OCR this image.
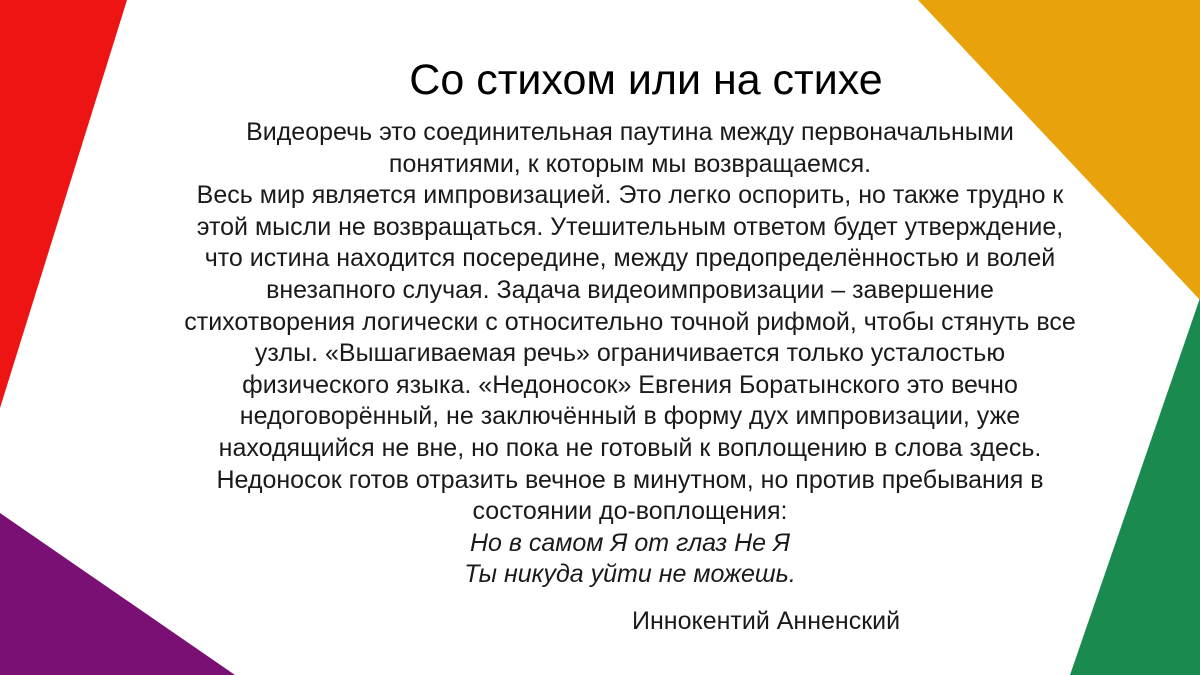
Со стихом или на стихе
Видеоречь это соединительная паутина между первоначальными
понятиями, к которым мы возвращаемся.
Весь мир является импровизацией. Это легко оспорить, но также трудно к
этой мысли не возвращаться. Утешительным ответом будет утверждение,
что истина находится посередине, между предопределённостью и волей
внезапного случая. Задача видеоимпровизации – завершение
стихотворения логически с относительно точной рифмой, чтобы стянуть все
узлы. «Вышагиваемая речь» ограничивается только усталостью
физического языка. «Недоносок» Евгения Боратынского это вечно
недоговорённый, не заключённый в форму дух импровизации, уже
находящийся не вне, но пока не готовый к воплощению в слова здесь.
Недоносок готов отразить вечное в минутном, но против пребывания в
состоянии до-воплощения:
Но в самом Я от глаз Не Я
Ты никуда уйти не можешь.
Иннокентий Анненский
